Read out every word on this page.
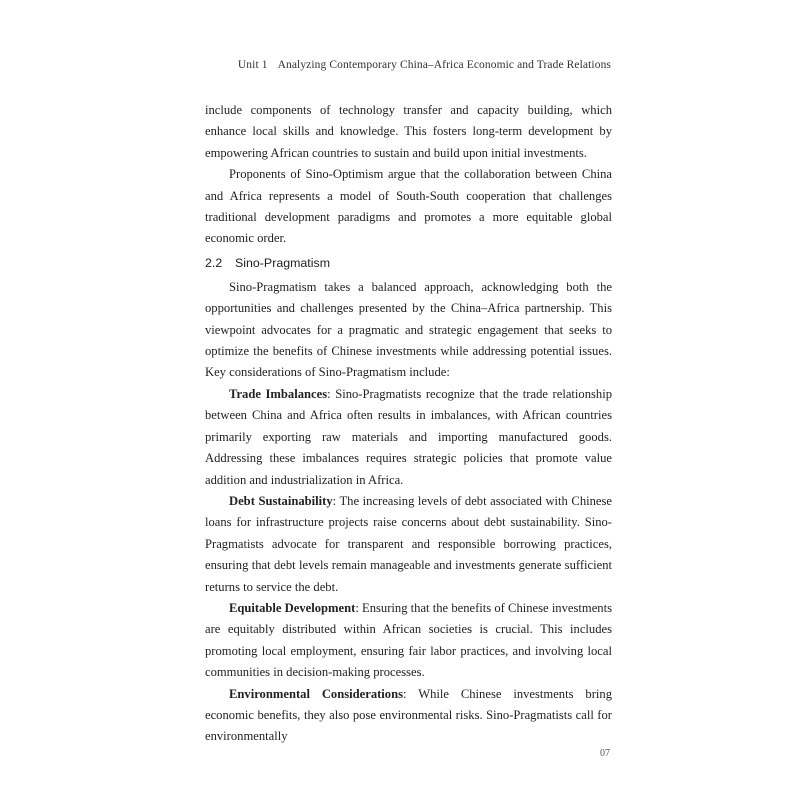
Unit 1 Analyzing Contemporary China–Africa Economic and Trade Relations

include components of technology transfer and capacity building, which enhance local skills and knowledge. This fosters long-term development by empowering African countries to sustain and build upon initial investments.

Proponents of Sino-Optimism argue that the collaboration between China and Africa represents a model of South-South cooperation that challenges traditional development paradigms and promotes a more equitable global economic order.

2.2 Sino-Pragmatism

Sino-Pragmatism takes a balanced approach, acknowledging both the opportunities and challenges presented by the China–Africa partnership. This viewpoint advocates for a pragmatic and strategic engagement that seeks to optimize the benefits of Chinese investments while addressing potential issues. Key considerations of Sino-Pragmatism include:

Trade Imbalances: Sino-Pragmatists recognize that the trade relationship between China and Africa often results in imbalances, with African countries primarily exporting raw materials and importing manufactured goods. Addressing these imbalances requires strategic policies that promote value addition and industrialization in Africa.

Debt Sustainability: The increasing levels of debt associated with Chinese loans for infrastructure projects raise concerns about debt sustainability. Sino-Pragmatists advocate for transparent and responsible borrowing practices, ensuring that debt levels remain manageable and investments generate sufficient returns to service the debt.

Equitable Development: Ensuring that the benefits of Chinese investments are equitably distributed within African societies is crucial. This includes promoting local employment, ensuring fair labor practices, and involving local communities in decision-making processes.

Environmental Considerations: While Chinese investments bring economic benefits, they also pose environmental risks. Sino-Pragmatists call for environmentally

07
